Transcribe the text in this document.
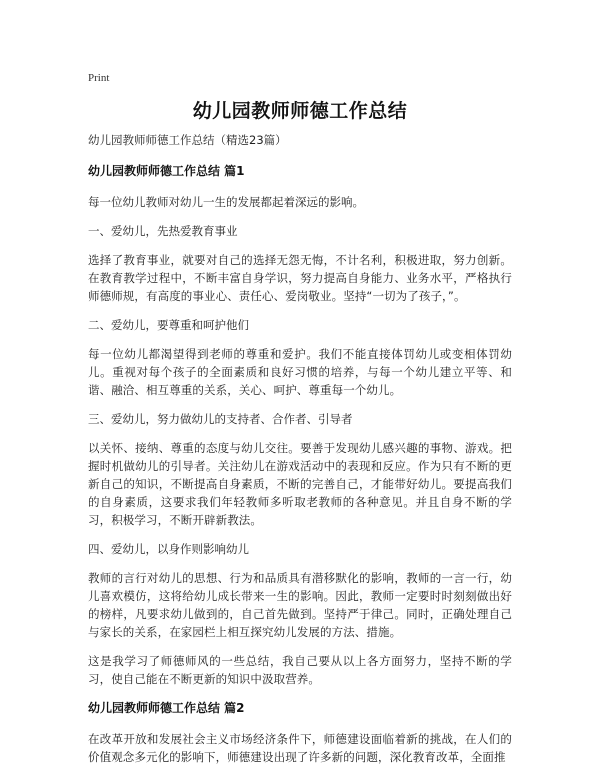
Print
幼儿园教师师德工作总结

幼儿园教师师德工作总结（精选23篇）

幼儿园教师师德工作总结 篇1

每一位幼儿教师对幼儿一生的发展都起着深远的影响。

一、爱幼儿，先热爱教育事业

选择了教育事业，就要对自己的选择无怨无悔，不计名利，积极进取，努力创新。在教育教学过程中，不断丰富自身学识，努力提高自身能力、业务水平，严格执行师德师规，有高度的事业心、责任心、爱岗敬业。坚持“一切为了孩子，”。

二、爱幼儿，要尊重和呵护他们

每一位幼儿都渴望得到老师的尊重和爱护。我们不能直接体罚幼儿或变相体罚幼儿。重视对每个孩子的全面素质和良好习惯的培养，与每一个幼儿建立平等、和谐、融洽、相互尊重的关系，关心、呵护、尊重每一个幼儿。

三、爱幼儿，努力做幼儿的支持者、合作者、引导者

以关怀、接纳、尊重的态度与幼儿交往。要善于发现幼儿感兴趣的事物、游戏。把握时机做幼儿的引导者。关注幼儿在游戏活动中的表现和反应。作为只有不断的更新自己的知识，不断提高自身素质，不断的完善自己，才能带好幼儿。要提高我们的自身素质，这要求我们年轻教师多听取老教师的各种意见。并且自身不断的学习，积极学习，不断开辟新教法。

四、爱幼儿，以身作则影响幼儿

教师的言行对幼儿的思想、行为和品质具有潜移默化的影响，教师的一言一行，幼儿喜欢模仿，这将给幼儿成长带来一生的影响。因此，教师一定要时时刻刻做出好的榜样，凡要求幼儿做到的，自己首先做到。坚持严于律己。同时，正确处理自己与家长的关系，在家园栏上相互探究幼儿发展的方法、措施。

这是我学习了师德师风的一些总结，我自己要从以上各方面努力，坚持不断的学习，使自己能在不断更新的知识中汲取营养。

幼儿园教师师德工作总结 篇2

在改革开放和发展社会主义市场经济条件下，师德建设面临着新的挑战，在人们的价值观念多元化的影响下，师德建设出现了许多新的问题，深化教育改革，全面推
